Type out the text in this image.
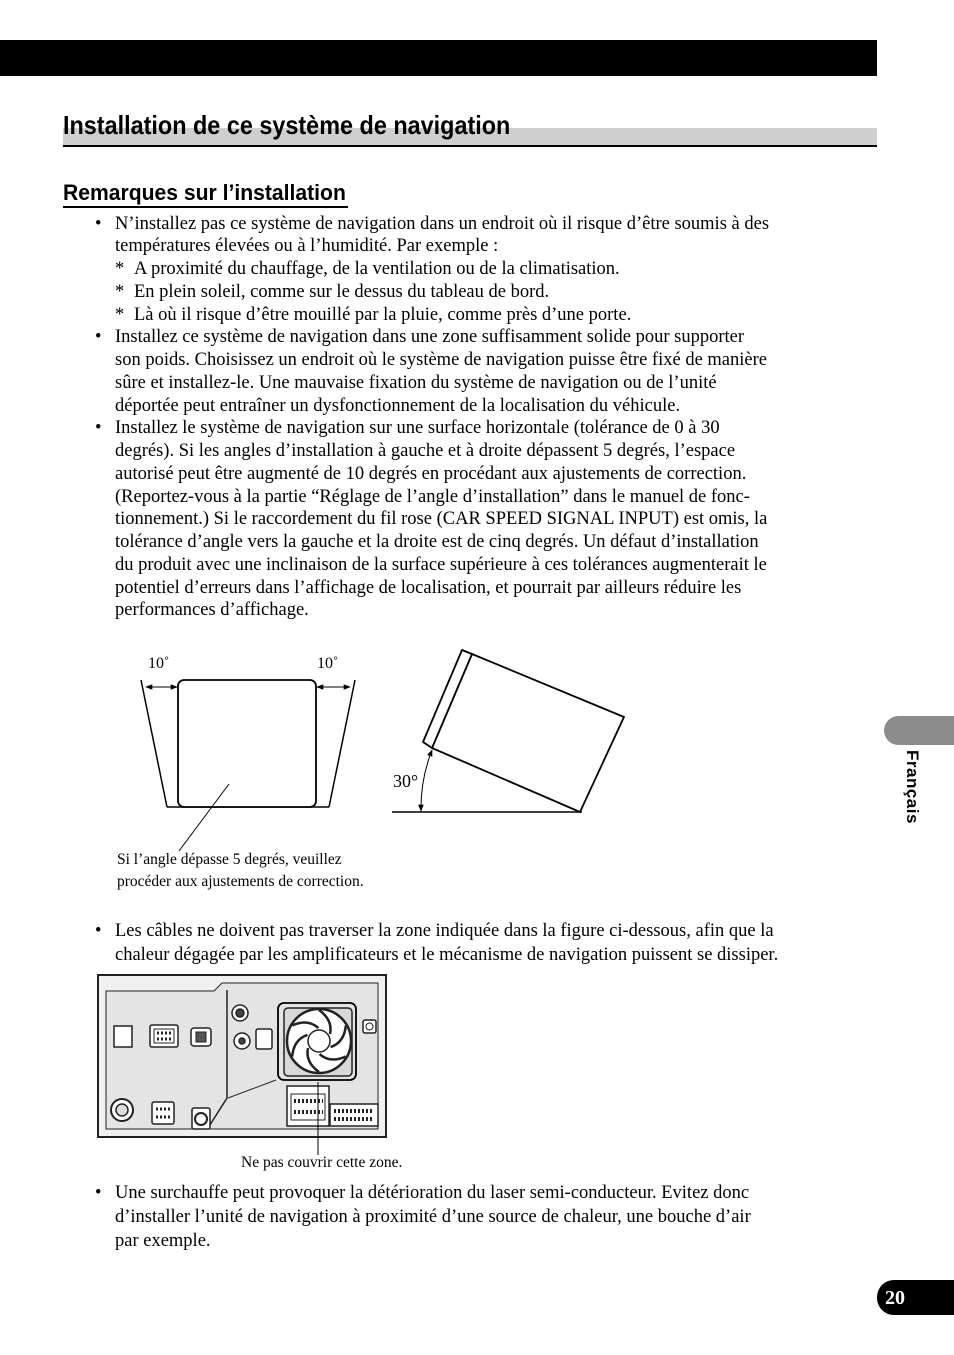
Installation de ce système de navigation
Remarques sur l’installation
• N’installez pas ce système de navigation dans un endroit où il risque d’être soumis à des
températures élevées ou à l’humidité. Par exemple :
* A proximité du chauffage, de la ventilation ou de la climatisation.
* En plein soleil, comme sur le dessus du tableau de bord.
* Là où il risque d’être mouillé par la pluie, comme près d’une porte.
• Installez ce système de navigation dans une zone suffisamment solide pour supporter
son poids. Choisissez un endroit où le système de navigation puisse être fixé de manière
sûre et installez-le. Une mauvaise fixation du système de navigation ou de l’unité
déportée peut entraîner un dysfonctionnement de la localisation du véhicule.
• Installez le système de navigation sur une surface horizontale (tolérance de 0 à 30
degrés). Si les angles d’installation à gauche et à droite dépassent 5 degrés, l’espace
autorisé peut être augmenté de 10 degrés en procédant aux ajustements de correction.
(Reportez-vous à la partie “Réglage de l’angle d’installation” dans le manuel de fonc-
tionnement.) Si le raccordement du fil rose (CAR SPEED SIGNAL INPUT) est omis, la
tolérance d’angle vers la gauche et la droite est de cinq degrés. Un défaut d’installation
du produit avec une inclinaison de la surface supérieure à ces tolérances augmenterait le
potentiel d’erreurs dans l’affichage de localisation, et pourrait par ailleurs réduire les
performances d’affichage.
10˚	10˚
30°
Si l’angle dépasse 5 degrés, veuillez
procéder aux ajustements de correction.
• Les câbles ne doivent pas traverser la zone indiquée dans la figure ci-dessous, afin que la
chaleur dégagée par les amplificateurs et le mécanisme de navigation puissent se dissiper.
Ne pas couvrir cette zone.
• Une surchauffe peut provoquer la détérioration du laser semi-conducteur. Evitez donc
d’installer l’unité de navigation à proximité d’une source de chaleur, une bouche d’air
par exemple.
Français
20
